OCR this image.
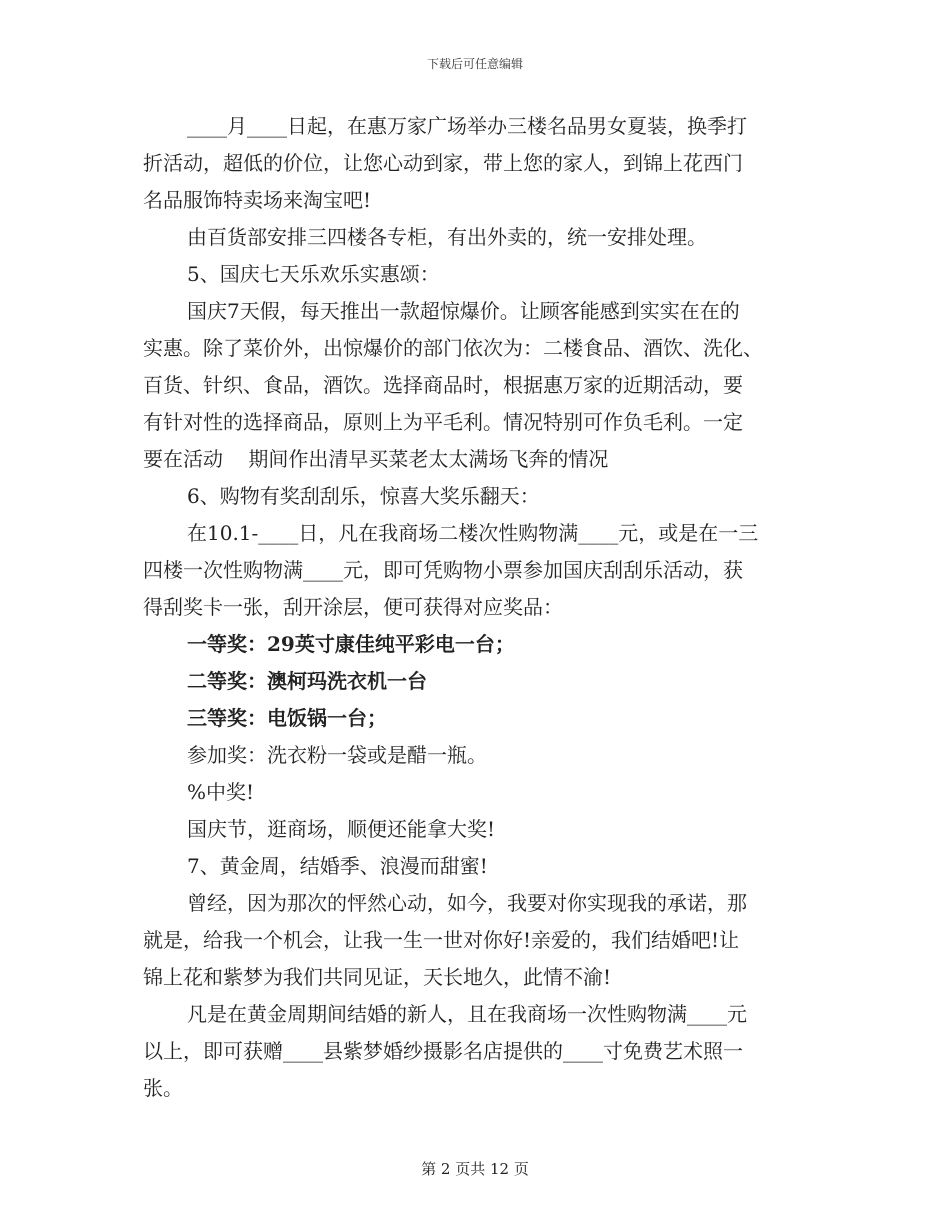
下载后可任意编辑
____月____日起，在惠万家广场举办三楼名品男女夏装，换季打
折活动，超低的价位，让您心动到家，带上您的家人，到锦上花西门
名品服饰特卖场来淘宝吧!
由百货部安排三四楼各专柜，有出外卖的，统一安排处理。
5、国庆七天乐欢乐实惠颂：
国庆7天假，每天推出一款超惊爆价。让顾客能感到实实在在的
实惠。除了菜价外，出惊爆价的部门依次为：二楼食品、酒饮、洗化、
百货、针织、食品，酒饮。选择商品时，根据惠万家的近期活动，要
有针对性的选择商品，原则上为平毛利。情况特别可作负毛利。一定
要在活动    期间作出清早买菜老太太满场飞奔的情况
6、购物有奖刮刮乐，惊喜大奖乐翻天：
在10.1-____日，凡在我商场二楼次性购物满____元，或是在一三
四楼一次性购物满____元，即可凭购物小票参加国庆刮刮乐活动，获
得刮奖卡一张，刮开涂层，便可获得对应奖品：
一等奖：29英寸康佳纯平彩电一台；
二等奖：澳柯玛洗衣机一台
三等奖：电饭锅一台；
参加奖：洗衣粉一袋或是醋一瓶。
%中奖!
国庆节，逛商场，顺便还能拿大奖!
7、黄金周，结婚季、浪漫而甜蜜!
曾经，因为那次的怦然心动，如今，我要对你实现我的承诺，那
就是，给我一个机会，让我一生一世对你好!亲爱的，我们结婚吧!让
锦上花和紫梦为我们共同见证，天长地久，此情不渝!
凡是在黄金周期间结婚的新人，且在我商场一次性购物满____元
以上，即可获赠____县紫梦婚纱摄影名店提供的____寸免费艺术照一
张。
第 2 页共 12 页
